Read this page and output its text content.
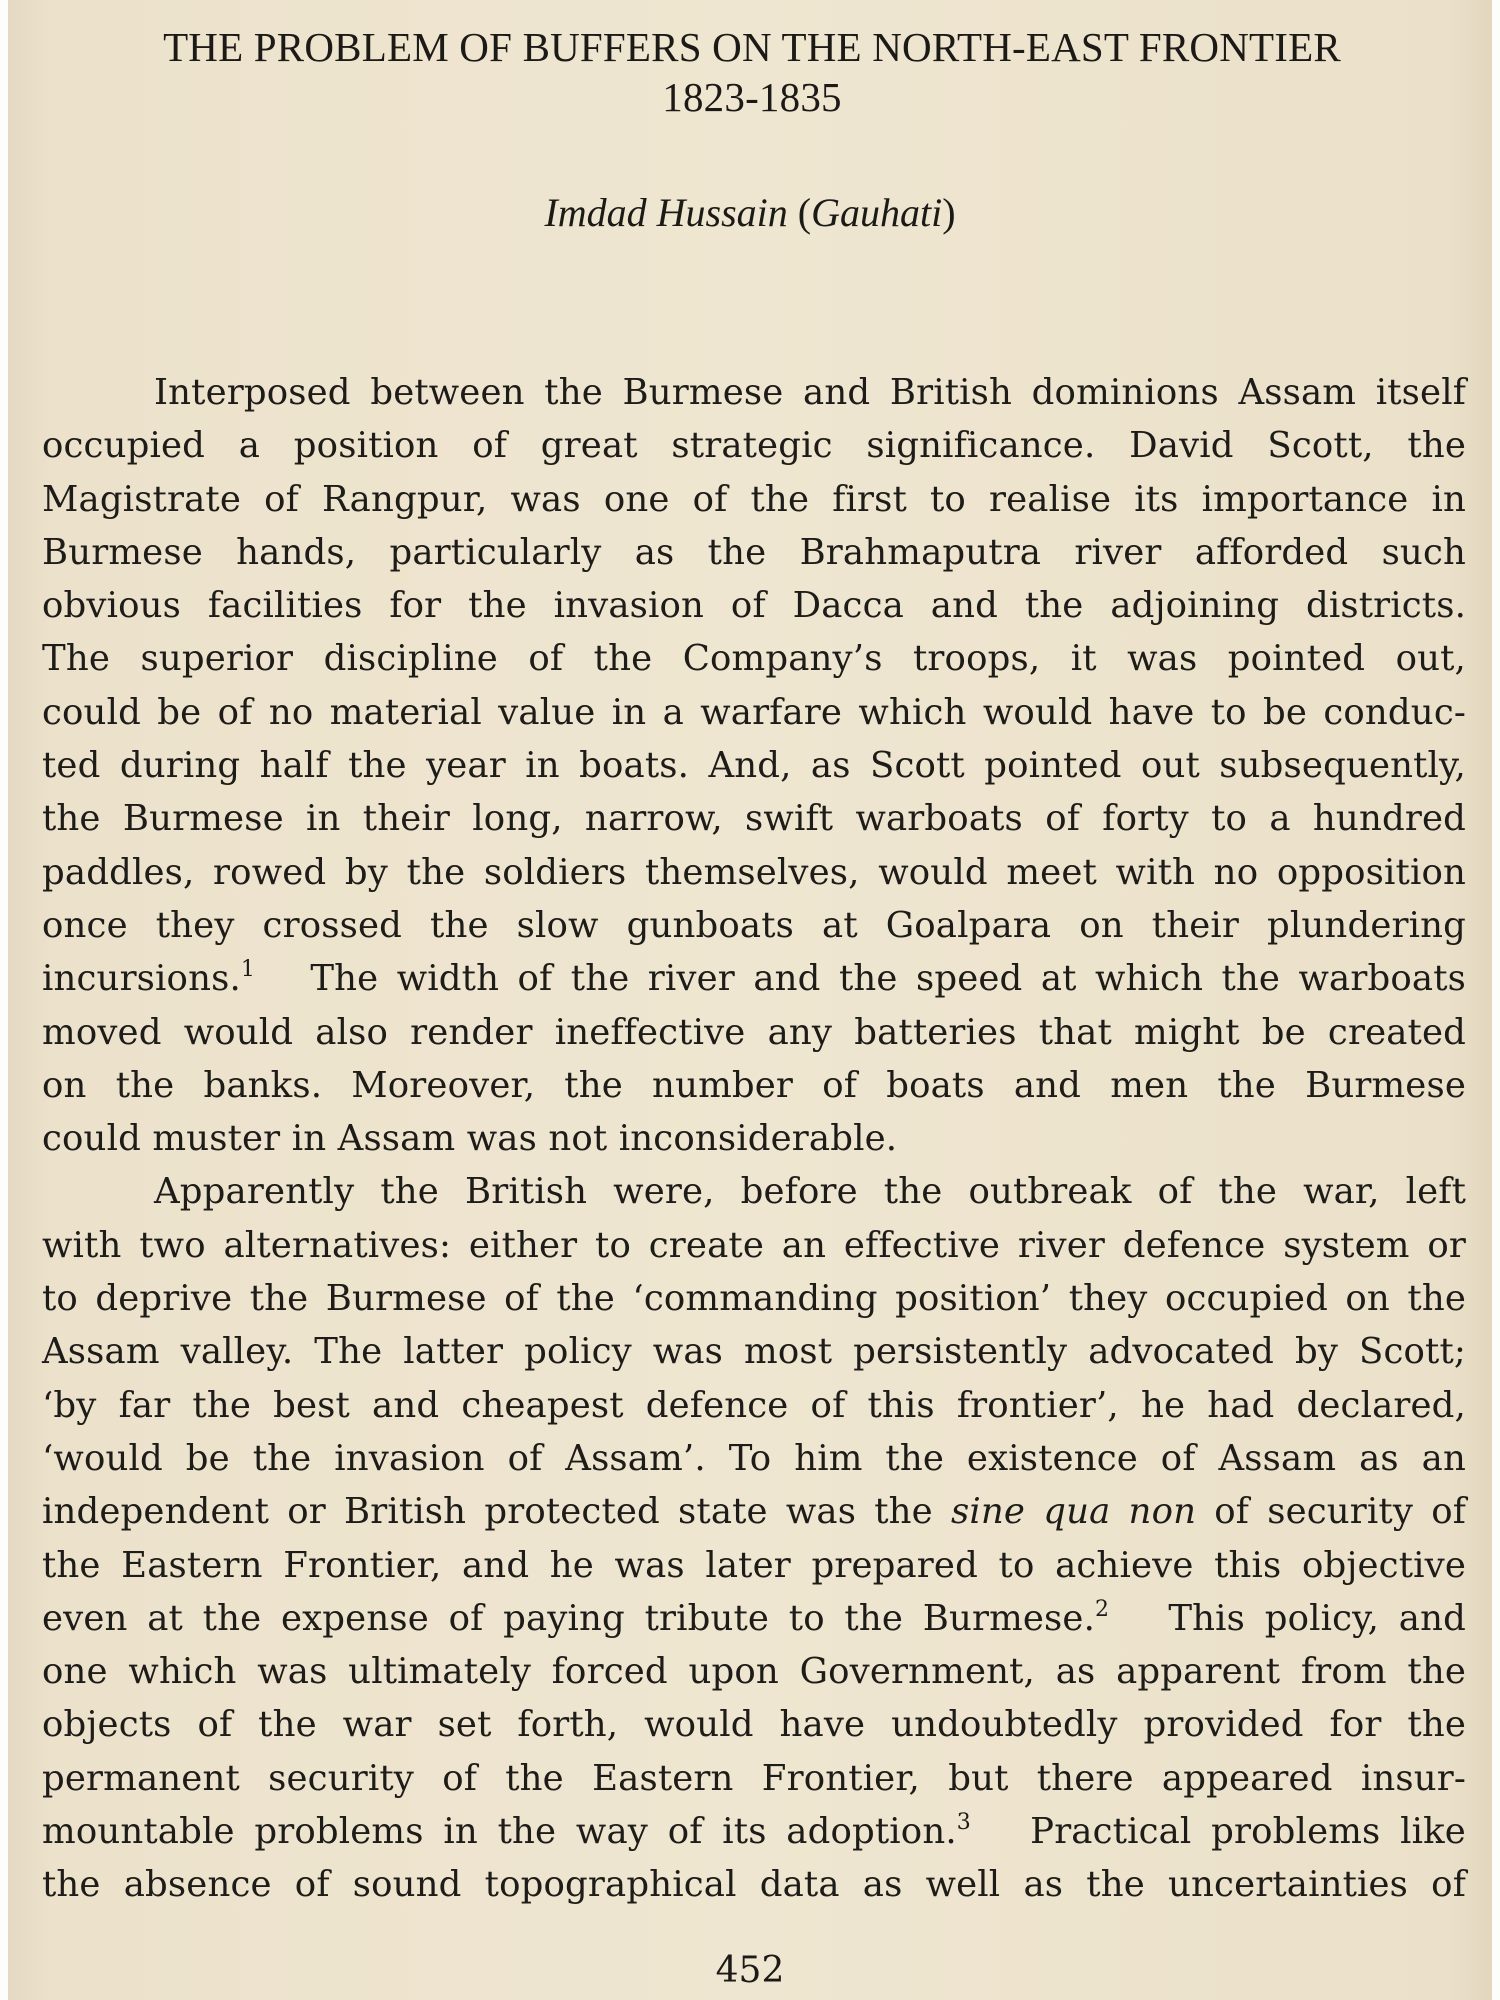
THE PROBLEM OF BUFFERS ON THE NORTH-EAST FRONTIER
1823-1835
Imdad Hussain (Gauhati)
Interposed between the Burmese and British dominions Assam itself
occupied a position of great strategic significance. David Scott, the
Magistrate of Rangpur, was one of the first to realise its importance in
Burmese hands, particularly as the Brahmaputra river afforded such
obvious facilities for the invasion of Dacca and the adjoining districts.
The superior discipline of the Company’s troops, it was pointed out,
could be of no material value in a warfare which would have to be conduc-
ted during half the year in boats. And, as Scott pointed out subsequently,
the Burmese in their long, narrow, swift warboats of forty to a hundred
paddles, rowed by the soldiers themselves, would meet with no opposition
once they crossed the slow gunboats at Goalpara on their plundering
incursions.$^1$ The width of the river and the speed at which the warboats
moved would also render ineffective any batteries that might be created
on the banks. Moreover, the number of boats and men the Burmese
could muster in Assam was not inconsiderable.
Apparently the British were, before the outbreak of the war, left
with two alternatives: either to create an effective river defence system or
to deprive the Burmese of the ‘commanding position’ they occupied on the
Assam valley. The latter policy was most persistently advocated by Scott;
‘by far the best and cheapest defence of this frontier’, he had declared,
‘would be the invasion of Assam’. To him the existence of Assam as an
independent or British protected state was the sine qua non of security of
the Eastern Frontier, and he was later prepared to achieve this objective
even at the expense of paying tribute to the Burmese.$^2$ This policy, and
one which was ultimately forced upon Government, as apparent from the
objects of the war set forth, would have undoubtedly provided for the
permanent security of the Eastern Frontier, but there appeared insur-
mountable problems in the way of its adoption.$^3$ Practical problems like
the absence of sound topographical data as well as the uncertainties of
452
